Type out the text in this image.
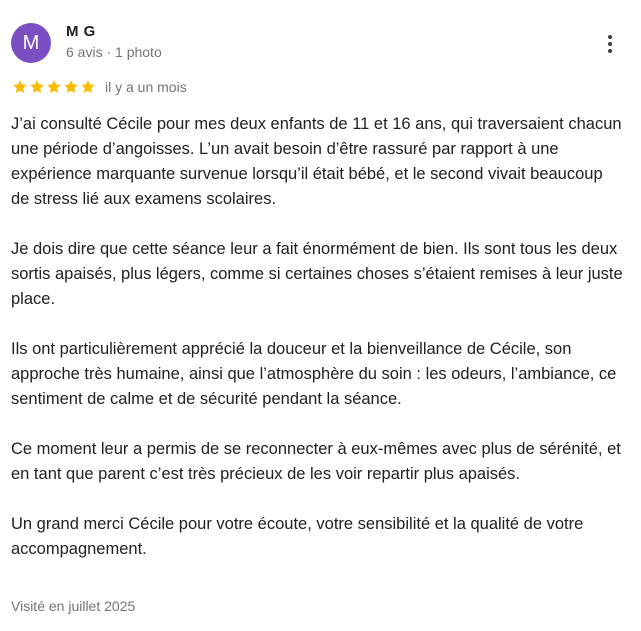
M M G
6 avis · 1 photo
il y a un mois

J’ai consulté Cécile pour mes deux enfants de 11 et 16 ans, qui traversaient chacun une période d’angoisses. L’un avait besoin d’être rassuré par rapport à une expérience marquante survenue lorsqu’il était bébé, et le second vivait beaucoup de stress lié aux examens scolaires.

Je dois dire que cette séance leur a fait énormément de bien. Ils sont tous les deux sortis apaisés, plus légers, comme si certaines choses s’étaient remises à leur juste place.

Ils ont particulièrement apprécié la douceur et la bienveillance de Cécile, son approche très humaine, ainsi que l’atmosphère du soin : les odeurs, l’ambiance, ce sentiment de calme et de sécurité pendant la séance.

Ce moment leur a permis de se reconnecter à eux-mêmes avec plus de sérénité, et en tant que parent c’est très précieux de les voir repartir plus apaisés.

Un grand merci Cécile pour votre écoute, votre sensibilité et la qualité de votre accompagnement.

Visité en juillet 2025
